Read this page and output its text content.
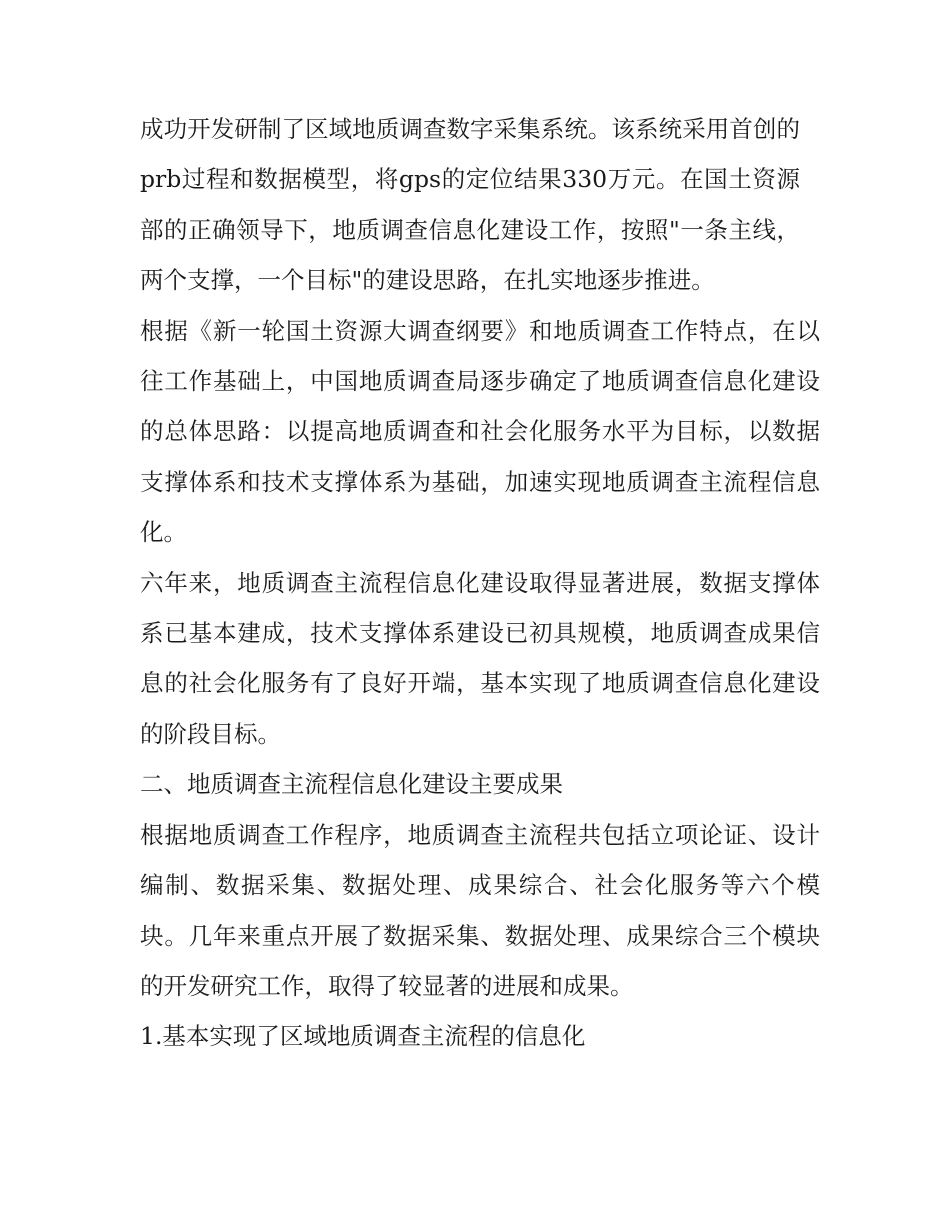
成功开发研制了区域地质调查数字采集系统。该系统采用首创的prb过程和数据模型，将gps的定位结果330万元。在国土资源部的正确领导下，地质调查信息化建设工作，按照"一条主线，两个支撑，一个目标"的建设思路，在扎实地逐步推进。

根据《新一轮国土资源大调查纲要》和地质调查工作特点，在以往工作基础上，中国地质调查局逐步确定了地质调查信息化建设的总体思路：以提高地质调查和社会化服务水平为目标，以数据支撑体系和技术支撑体系为基础，加速实现地质调查主流程信息化。

六年来，地质调查主流程信息化建设取得显著进展，数据支撑体系已基本建成，技术支撑体系建设已初具规模，地质调查成果信息的社会化服务有了良好开端，基本实现了地质调查信息化建设的阶段目标。

二、地质调查主流程信息化建设主要成果

根据地质调查工作程序，地质调查主流程共包括立项论证、设计编制、数据采集、数据处理、成果综合、社会化服务等六个模块。几年来重点开展了数据采集、数据处理、成果综合三个模块的开发研究工作，取得了较显著的进展和成果。

1.基本实现了区域地质调查主流程的信息化
